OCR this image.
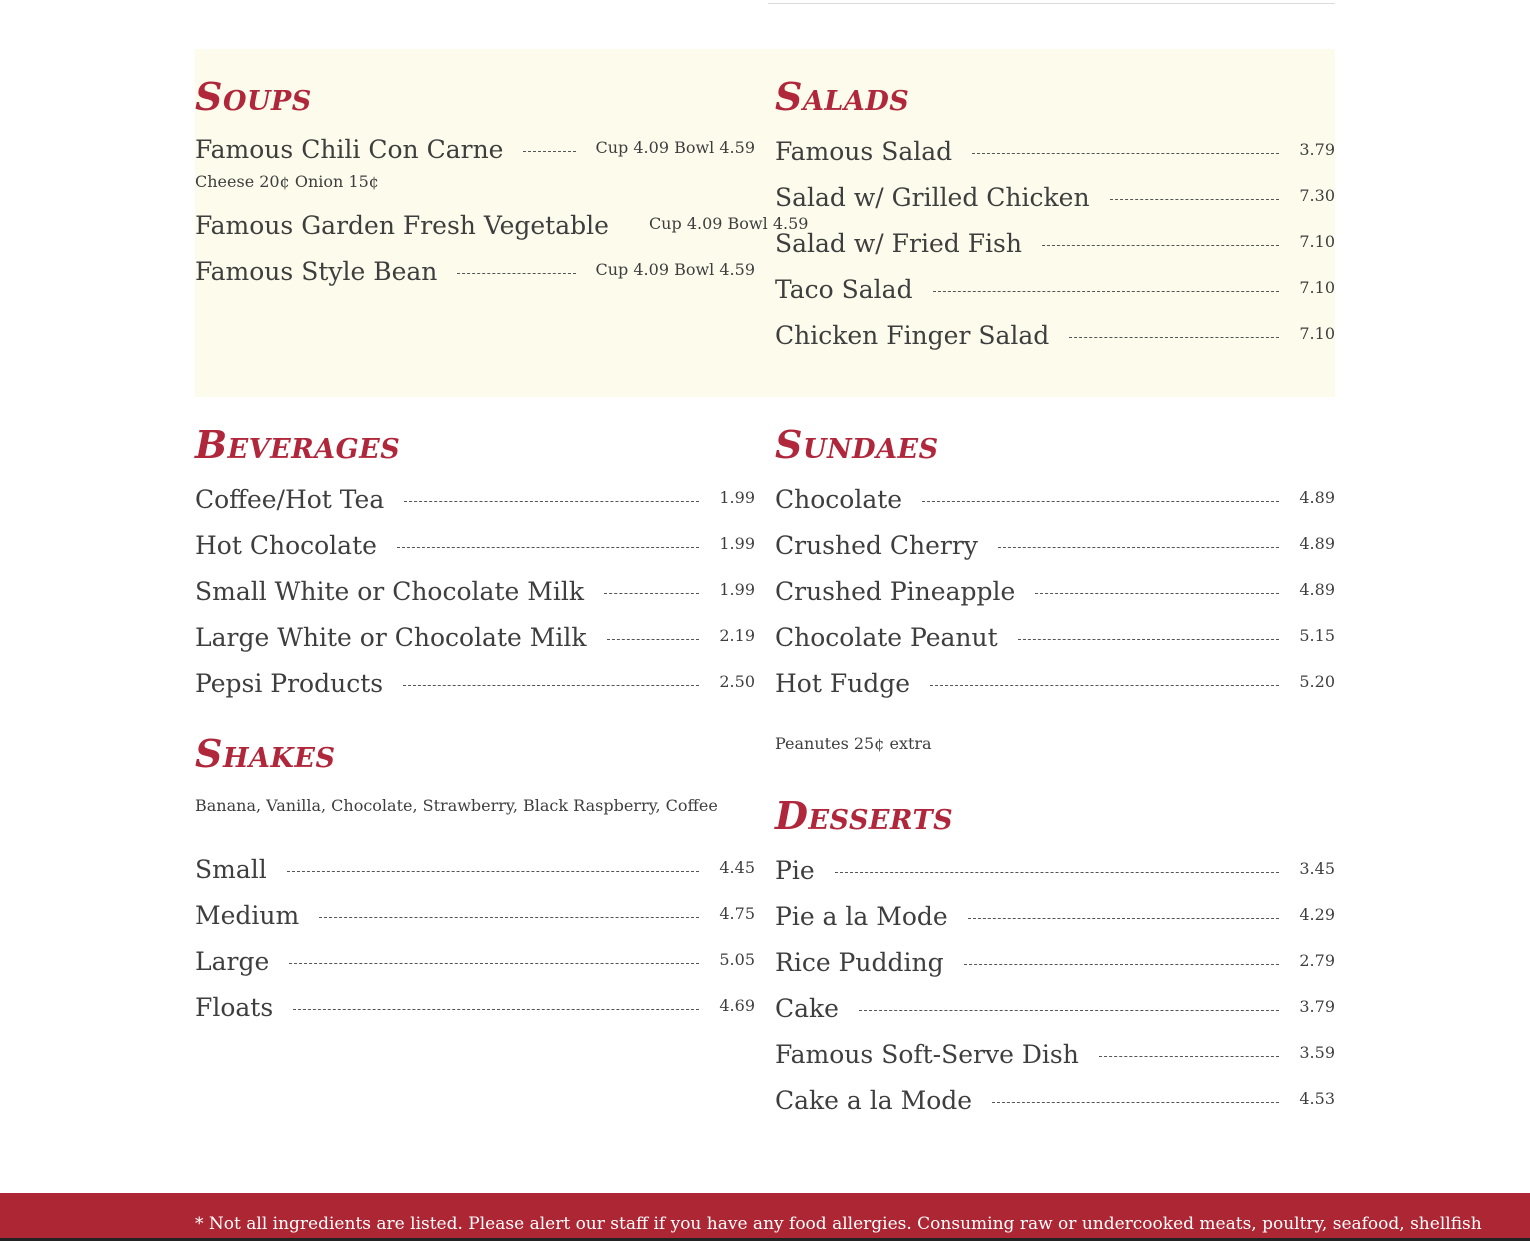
Soups
Famous Chili Con Carne	Cup 4.09 Bowl 4.59

Cheese 20¢ Onion 15¢

Famous Garden Fresh Vegetable	Cup 4.09 Bowl 4.59
Famous Style Bean	Cup 4.09 Bowl 4.59
Salads
Famous Salad	3.79
Salad w/ Grilled Chicken	7.30
Salad w/ Fried Fish	7.10
Taco Salad	7.10
Chicken Finger Salad	7.10
Beverages
Coffee/Hot Tea	1.99
Hot Chocolate	1.99
Small White or Chocolate Milk	1.99
Large White or Chocolate Milk	2.19
Pepsi Products	2.50
Sundaes
Chocolate	4.89
Crushed Cherry	4.89
Crushed Pineapple	4.89
Chocolate Peanut	5.15
Hot Fudge	5.20

Peanutes 25¢ extra

Shakes

Banana, Vanilla, Chocolate, Strawberry, Black Raspberry, Coffee

Small	4.45
Medium	4.75
Large	5.05
Floats	4.69
Desserts
Pie	3.45
Pie a la Mode	4.29
Rice Pudding	2.79
Cake	3.79
Famous Soft-Serve Dish	3.59
Cake a la Mode	4.53
* Not all ingredients are listed. Please alert our staff if you have any food allergies. Consuming raw or undercooked meats, poultry, seafood, shellfish
